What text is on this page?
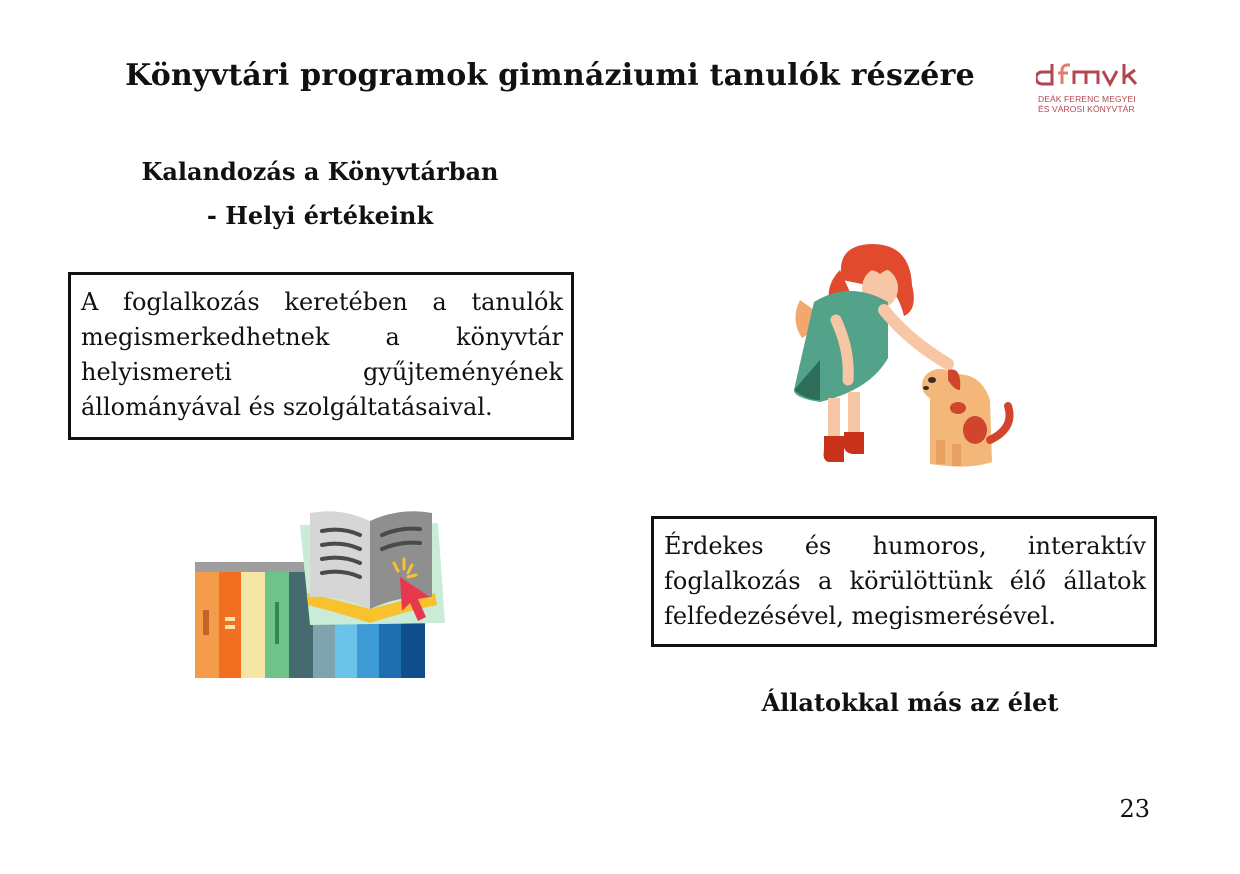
Könyvtári programok gimnáziumi tanulók részére
DEÁK FERENC MEGYEI
ÉS VÁROSI KÖNYVTÁR
Kalandozás a Könyvtárban
- Helyi értékeink
A foglalkozás keretében a tanulók megismerkedhetnek a könyvtár helyismereti gyűjteményének állományával és szolgáltatásaival.
Érdekes és humoros, interaktív foglalkozás a körülöttünk élő állatok felfedezésével, megismerésével.
Állatokkal más az élet
23
